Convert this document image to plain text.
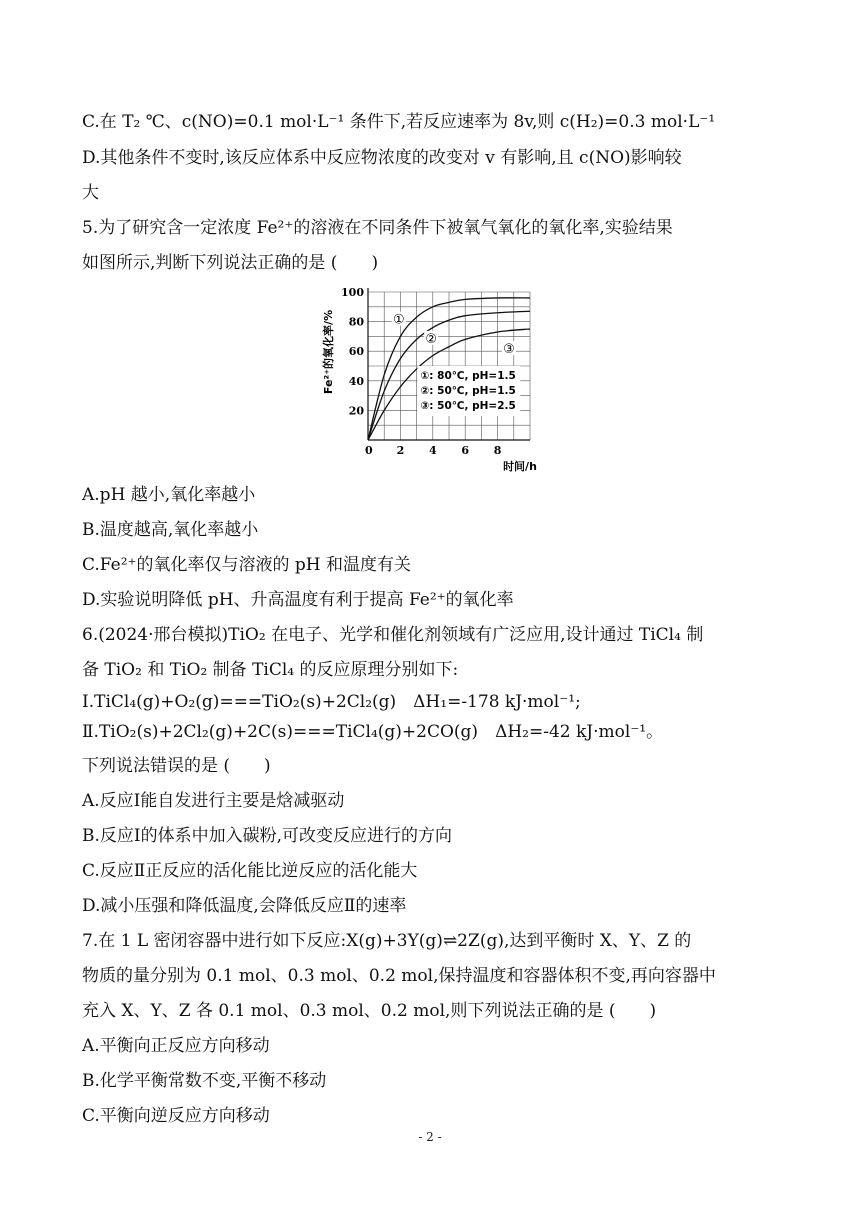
C.在 T₂ ℃、c(NO)=0.1 mol·L⁻¹ 条件下,若反应速率为 8v,则 c(H₂)=0.3 mol·L⁻¹
D.其他条件不变时,该反应体系中反应物浓度的改变对 v 有影响,且 c(NO)影响较
大
5.为了研究含一定浓度 Fe²⁺的溶液在不同条件下被氧气氧化的氧化率,实验结果
如图所示,判断下列说法正确的是 (　　)
0 2 4 6 8
20
40
60
80
100
①
②
③
时间/h
Fe²⁺的氧化率/%	①: 80℃, pH=1.5
②: 50℃, pH=1.5
③: 50℃, pH=2.5
A.pH 越小,氧化率越小
B.温度越高,氧化率越小
C.Fe²⁺的氧化率仅与溶液的 pH 和温度有关
D.实验说明降低 pH、升高温度有利于提高 Fe²⁺的氧化率
6.(2024·邢台模拟)TiO₂ 在电子、光学和催化剂领域有广泛应用,设计通过 TiCl₄ 制
备 TiO₂ 和 TiO₂ 制备 TiCl₄ 的反应原理分别如下:
Ⅰ.TiCl₄(g)+O₂(g)===TiO₂(s)+2Cl₂(g)　ΔH₁=-178 kJ·mol⁻¹;
Ⅱ.TiO₂(s)+2Cl₂(g)+2C(s)===TiCl₄(g)+2CO(g)　ΔH₂=-42 kJ·mol⁻¹。
下列说法错误的是 (　　)
A.反应Ⅰ能自发进行主要是焓减驱动
B.反应Ⅰ的体系中加入碳粉,可改变反应进行的方向
C.反应Ⅱ正反应的活化能比逆反应的活化能大
D.减小压强和降低温度,会降低反应Ⅱ的速率
7.在 1 L 密闭容器中进行如下反应:X(g)+3Y(g)⇌2Z(g),达到平衡时 X、Y、Z 的
物质的量分别为 0.1 mol、0.3 mol、0.2 mol,保持温度和容器体积不变,再向容器中
充入 X、Y、Z 各 0.1 mol、0.3 mol、0.2 mol,则下列说法正确的是 (　　)
A.平衡向正反应方向移动
B.化学平衡常数不变,平衡不移动
C.平衡向逆反应方向移动
- 2 -
